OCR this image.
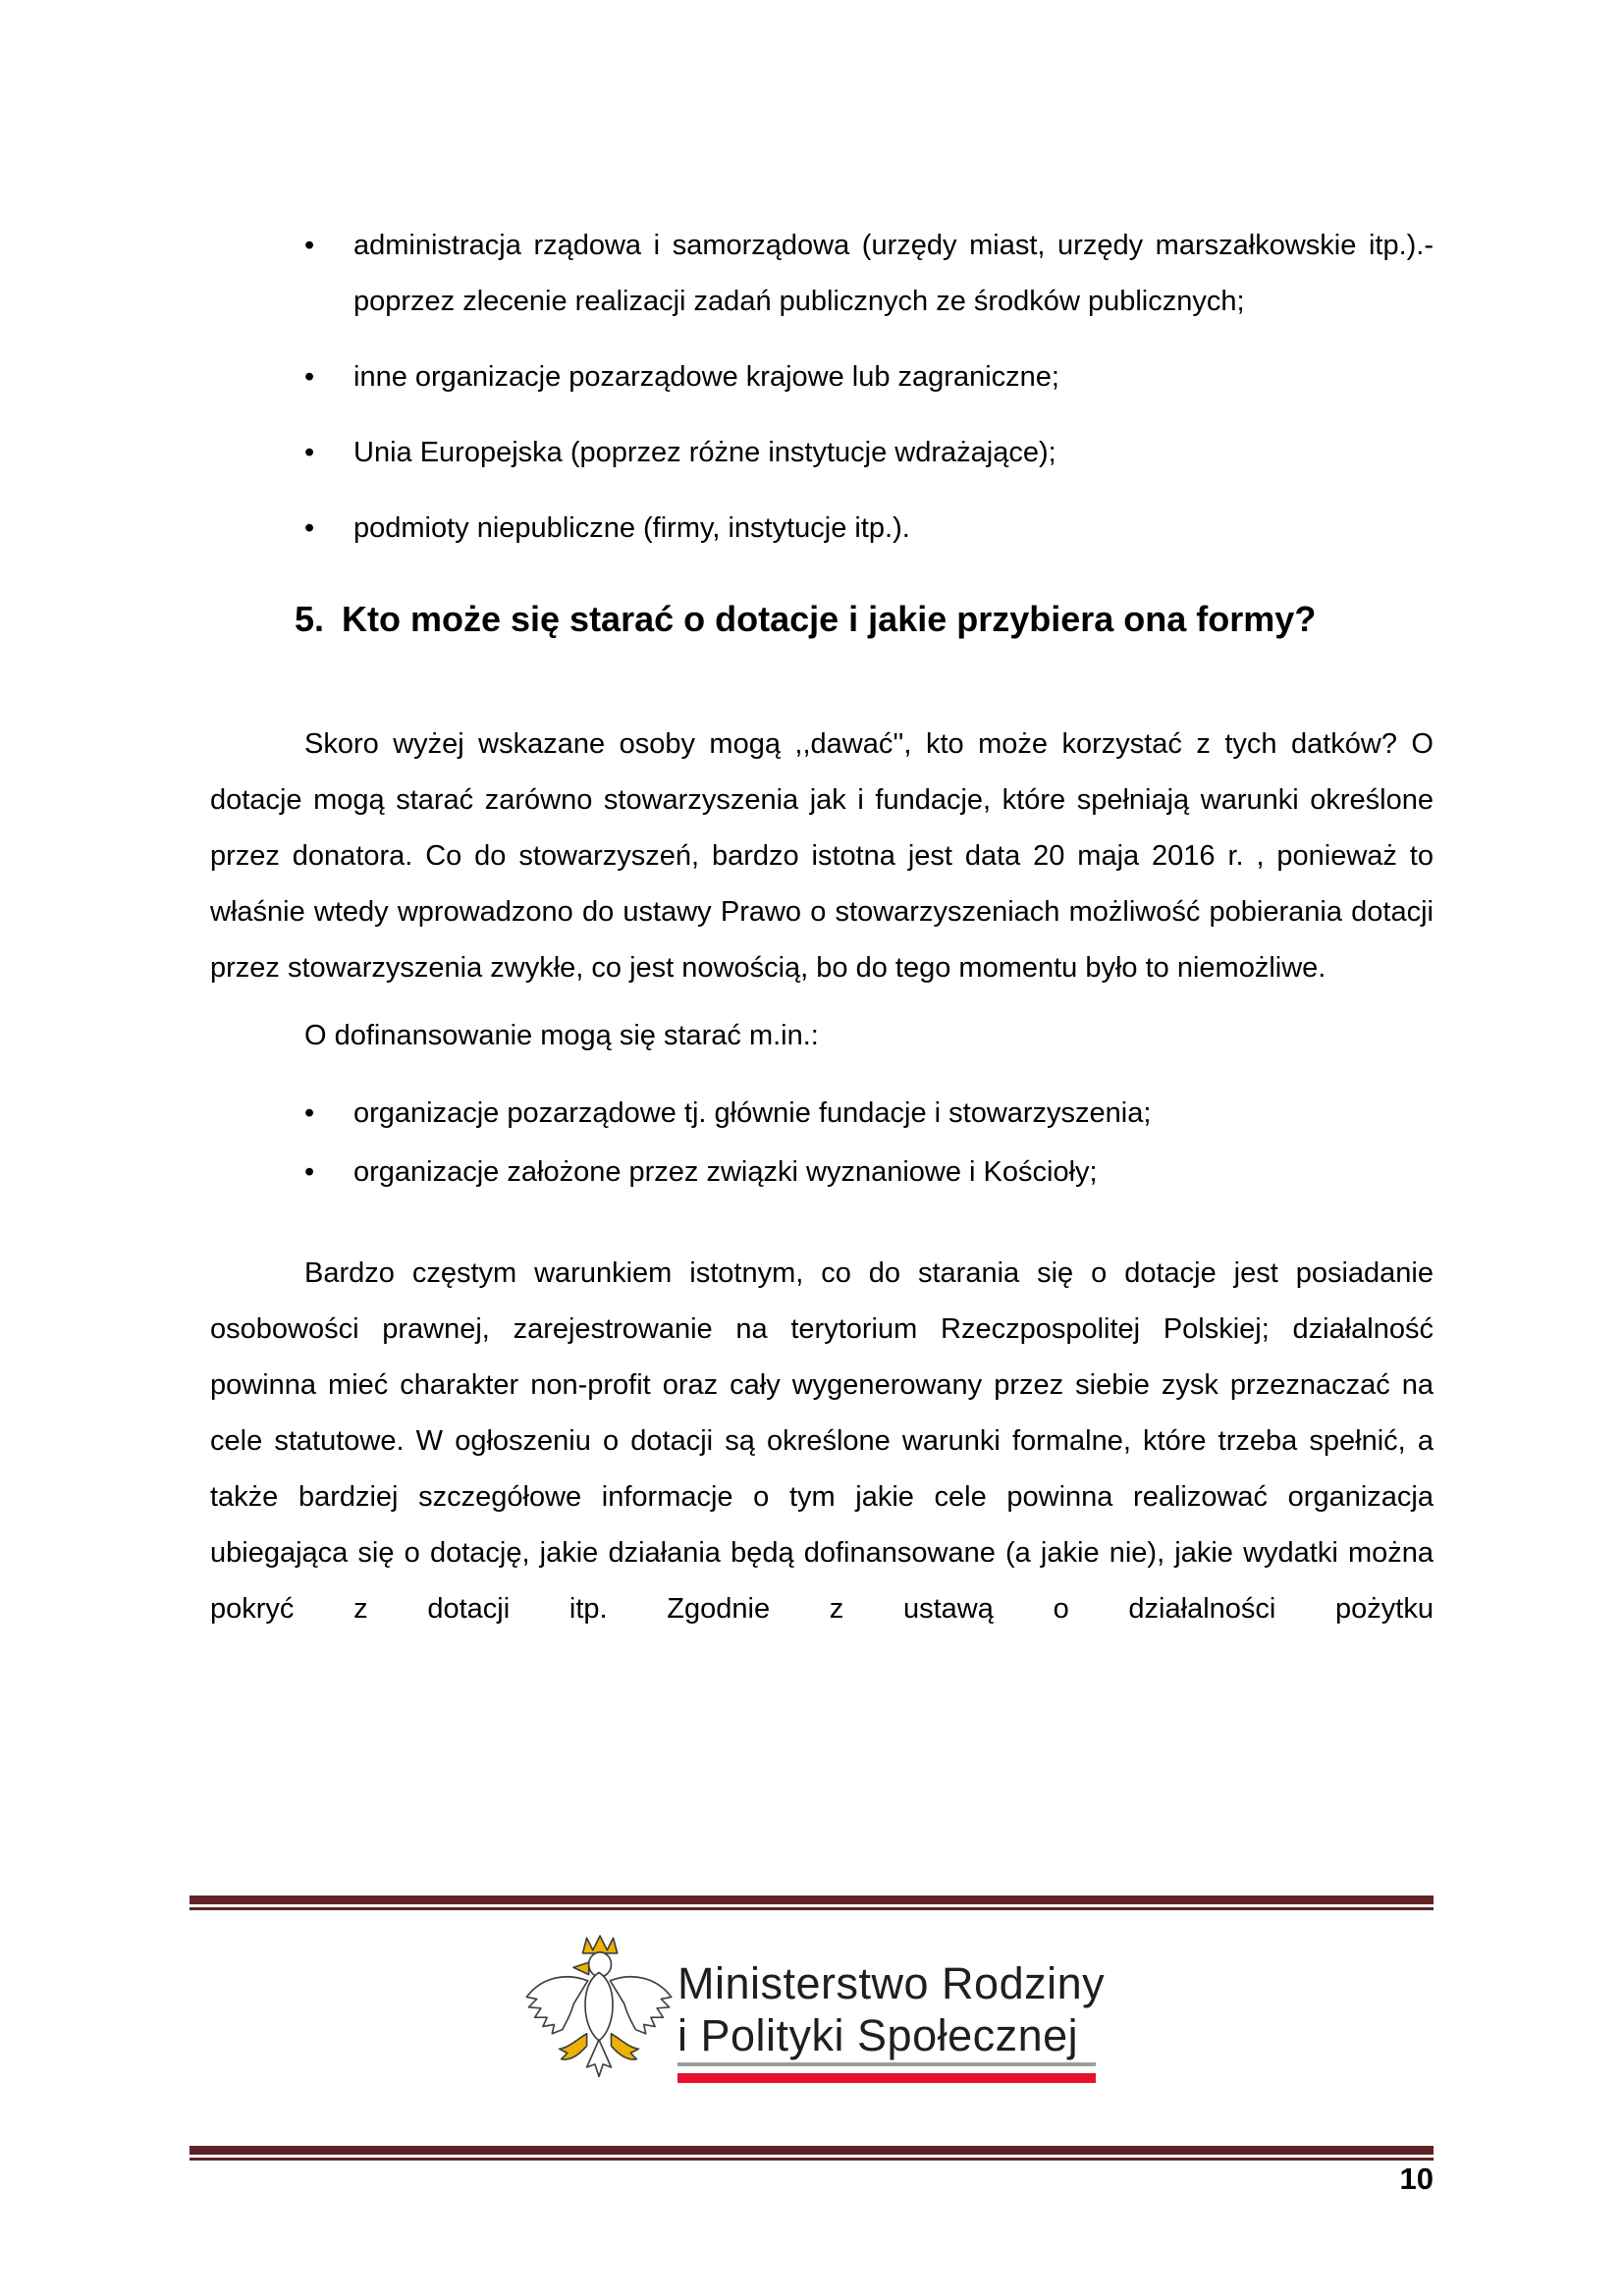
•	administracja rządowa i samorządowa (urzędy miast, urzędy marszałkowskie itp.).- poprzez zlecenie realizacji zadań publicznych ze środków publicznych;
•	inne organizacje pozarządowe krajowe lub zagraniczne;
•	Unia Europejska (poprzez różne instytucje wdrażające);
•	podmioty niepubliczne (firmy, instytucje itp.).
5. Kto może się starać o dotacje i jakie przybiera ona formy?
Skoro wyżej wskazane osoby mogą ,,dawać'', kto może korzystać z tych datków? O dotacje mogą starać zarówno stowarzyszenia jak i fundacje, które spełniają warunki określone przez donatora. Co do stowarzyszeń, bardzo istotna jest data 20 maja 2016 r. , ponieważ to właśnie wtedy wprowadzono do ustawy Prawo o stowarzyszeniach możliwość pobierania dotacji przez stowarzyszenia zwykłe, co jest nowością, bo do tego momentu było to niemożliwe.
O dofinansowanie mogą się starać m.in.:
•	organizacje pozarządowe tj. głównie fundacje i stowarzyszenia;
•	organizacje założone przez związki wyznaniowe i Kościoły;
Bardzo częstym warunkiem istotnym, co do starania się o dotacje jest posiadanie osobowości prawnej, zarejestrowanie na terytorium Rzeczpospolitej Polskiej; działalność powinna mieć charakter non-profit oraz cały wygenerowany przez siebie zysk przeznaczać na cele statutowe. W ogłoszeniu o dotacji są określone warunki formalne, które trzeba spełnić, a także bardziej szczegółowe informacje o tym jakie cele powinna realizować organizacja ubiegająca się o dotację, jakie działania będą dofinansowane (a jakie nie), jakie wydatki można pokryć z dotacji itp. Zgodnie z ustawą o działalności pożytku
Ministerstwo Rodziny
i Polityki Społecznej
10
